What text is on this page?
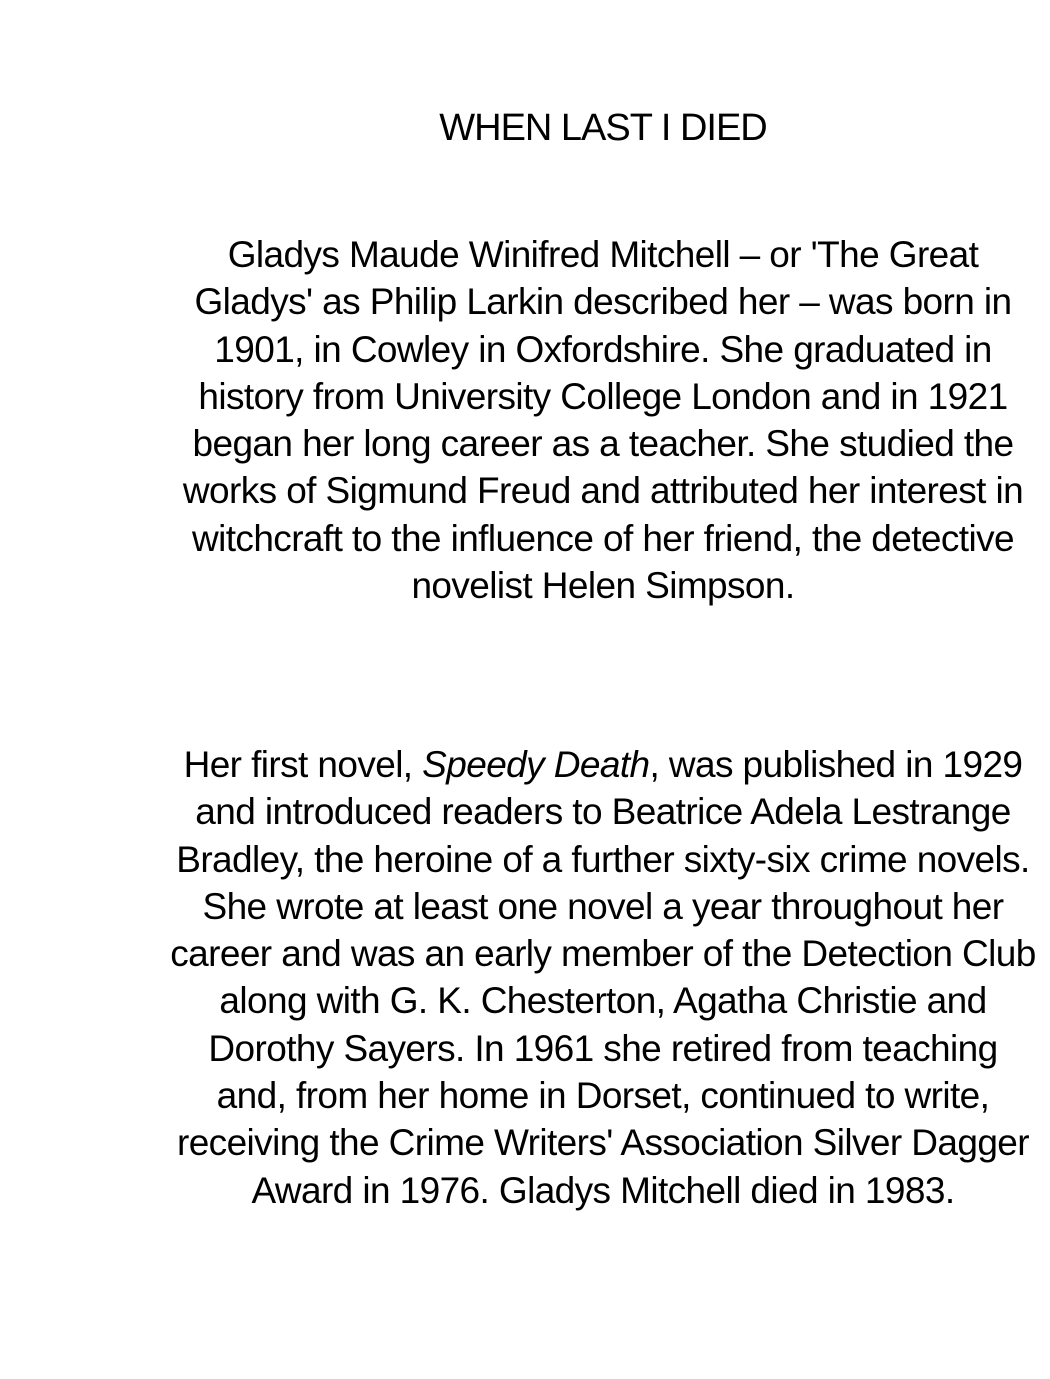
WHEN LAST I DIED

Gladys Maude Winifred Mitchell – or 'The Great Gladys' as Philip Larkin described her – was born in 1901, in Cowley in Oxfordshire. She graduated in history from University College London and in 1921 began her long career as a teacher. She studied the works of Sigmund Freud and attributed her interest in witchcraft to the influence of her friend, the detective novelist Helen Simpson.

Her first novel, Speedy Death, was published in 1929 and introduced readers to Beatrice Adela Lestrange Bradley, the heroine of a further sixty-six crime novels. She wrote at least one novel a year throughout her career and was an early member of the Detection Club along with G. K. Chesterton, Agatha Christie and Dorothy Sayers. In 1961 she retired from teaching and, from her home in Dorset, continued to write, receiving the Crime Writers' Association Silver Dagger Award in 1976. Gladys Mitchell died in 1983.
